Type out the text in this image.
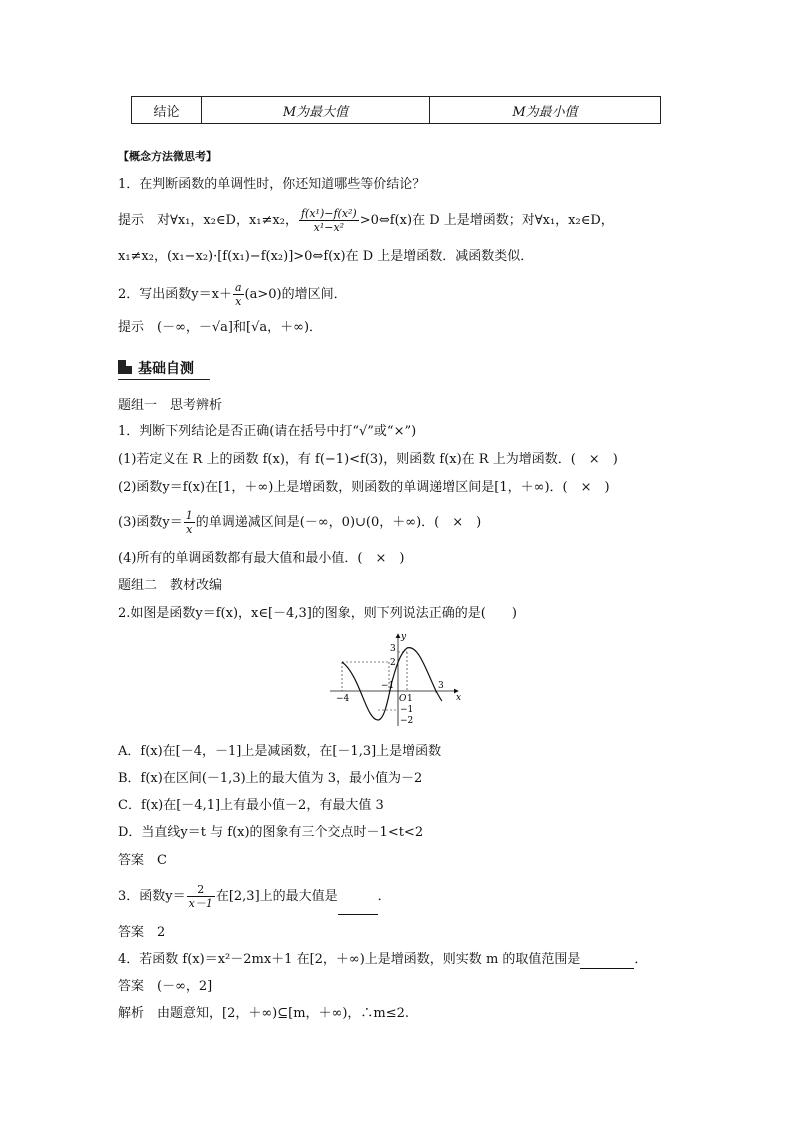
结论	M为最大值	M为最小值
【概念方法微思考】
1．在判断函数的单调性时，你还知道哪些等价结论？
提示　对∀x₁，x₂∈D，x₁≠x₂， $\frac{\text{f(x¹)−f(x²)}}{\text{x¹−x²}}$ >0⇔f(x)在 D 上是增函数；对∀x₁，x₂∈D，
x₁≠x₂，(x₁−x₂)·[f(x₁)−f(x₂)]>0⇔f(x)在 D 上是增函数．减函数类似．
2．写出函数$y=x+ \frac{a}{x} (a>0)$的增区间．
提示　(－∞，－√a]和[√a，＋∞)．
基础自测
题组一　思考辨析
1．判断下列结论是否正确(请在括号中打“√”或“×”)
(1)若定义在 R 上的函数 f(x)，有 f(−1)<f(3)，则函数 f(x)在 R 上为增函数．(　×　)
(2)函数y＝f(x)在[1，＋∞)上是增函数，则函数的单调递增区间是[1，＋∞)．(　×　)
(3)函数$y= \frac{1}{x}$ 的单调递减区间是(－∞，0)∪(0，＋∞)．(　×　)
(4)所有的单调函数都有最大值和最小值．(　×　)
题组二　教材改编
2.如图是函数y＝f(x)，x∈[－4,3]的图象，则下列说法正确的是(　　)
−4
−1
O 1
3
x
y
3
2
−1
−2
A．f(x)在[－4，－1]上是减函数，在[－1,3]上是增函数
B．f(x)在区间(－1,3)上的最大值为 3，最小值为－2
C．f(x)在[－4,1]上有最小值－2，有最大值 3
D．当直线y＝t 与 f(x)的图象有三个交点时－1<t<2
答案　C
3．函数$y= \frac{2}{x-1}$ 在[2,3]上的最大值是	．
答案　2
4．若函数 f(x)＝x²－2mx＋1 在[2，＋∞)上是增函数，则实数 m 的取值范围是	．
答案　(－∞，2]
解析　由题意知，[2，＋∞)⊆[m，＋∞)，∴m≤2.
